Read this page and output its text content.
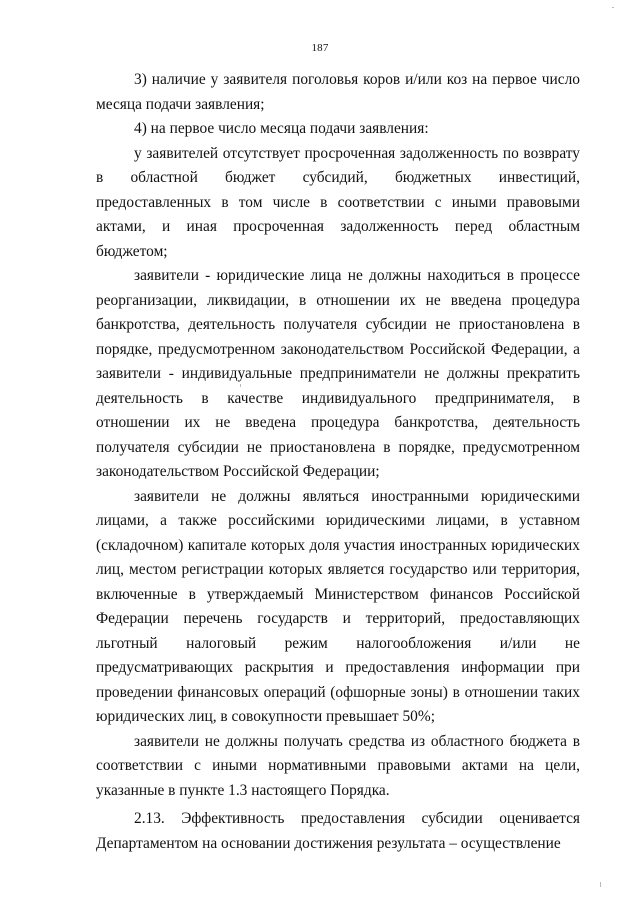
187

3) наличие у заявителя поголовья коров и/или коз на первое число месяца подачи заявления;

4) на первое число месяца подачи заявления:

у заявителей отсутствует просроченная задолженность по возврату в областной бюджет субсидий, бюджетных инвестиций, предоставленных в том числе в соответствии с иными правовыми актами, и иная просроченная задолженность перед областным бюджетом;

заявители - юридические лица не должны находиться в процессе реорганизации, ликвидации, в отношении их не введена процедура банкротства, деятельность получателя субсидии не приостановлена в порядке, предусмотренном законодательством Российской Федерации, а заявители - индивидуальные предприниматели не должны прекратить деятельность в качестве индивидуального предпринимателя, в отношении их не введена процедура банкротства, деятельность получателя субсидии не приостановлена в порядке, предусмотренном законодательством Российской Федерации;

заявители не должны являться иностранными юридическими лицами, а также российскими юридическими лицами, в уставном (складочном) капитале которых доля участия иностранных юридических лиц, местом регистрации которых является государство или территория, включенные в утверждаемый Министерством финансов Российской Федерации перечень государств и территорий, предоставляющих льготный налоговый режим налогообложения и/или не предусматривающих раскрытия и предоставления информации при проведении финансовых операций (офшорные зоны) в отношении таких юридических лиц, в совокупности превышает 50%;

заявители не должны получать средства из областного бюджета в соответствии с иными нормативными правовыми актами на цели, указанные в пункте 1.3 настоящего Порядка.

2.13. Эффективность предоставления субсидии оценивается Департаментом на основании достижения результата – осуществление
